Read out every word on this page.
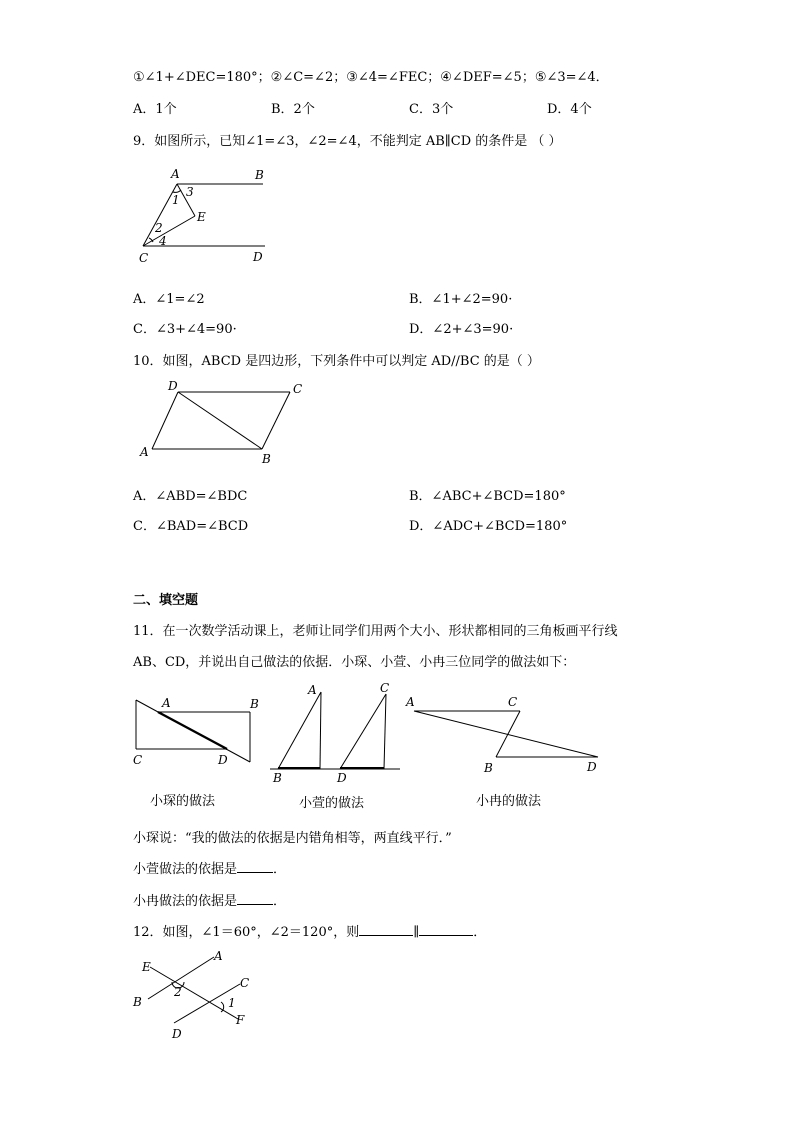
①∠1+∠DEC=180°；②∠C=∠2；③∠4=∠FEC；④∠DEF=∠5；⑤∠3=∠4．
A．1个	B．2个	C．3个	D．4个
9．如图所示，已知∠1=∠3，∠2=∠4，不能判定 AB∥CD 的条件是 （ ）
A	B
C	D
E
1
2
3
4
A．∠1=∠2	B．∠1+∠2=90·
C．∠3+∠4=90·	D．∠2+∠3=90·
10．如图，ABCD 是四边形，下列条件中可以判定 AD//BC 的是（ ）
D	C
A	B
A．∠ABD=∠BDC	B．∠ABC+∠BCD=180°
C．∠BAD=∠BCD	D．∠ADC+∠BCD=180°
二、填空题
11．在一次数学活动课上，老师让同学们用两个大小、形状都相同的三角板画平行线
AB、CD，并说出自己做法的依据．小琛、小萱、小冉三位同学的做法如下：
A	B
C	D
A	C
B	D
A	C
B	D
小琛的做法	小萱的做法	小冉的做法
小琛说：“我的做法的依据是内错角相等，两直线平行．”
小萱做法的依据是	．
小冉做法的依据是	．
12．如图，∠1＝60°，∠2＝120°，则	∥	．
E
A
B
2
C
1
F
D
